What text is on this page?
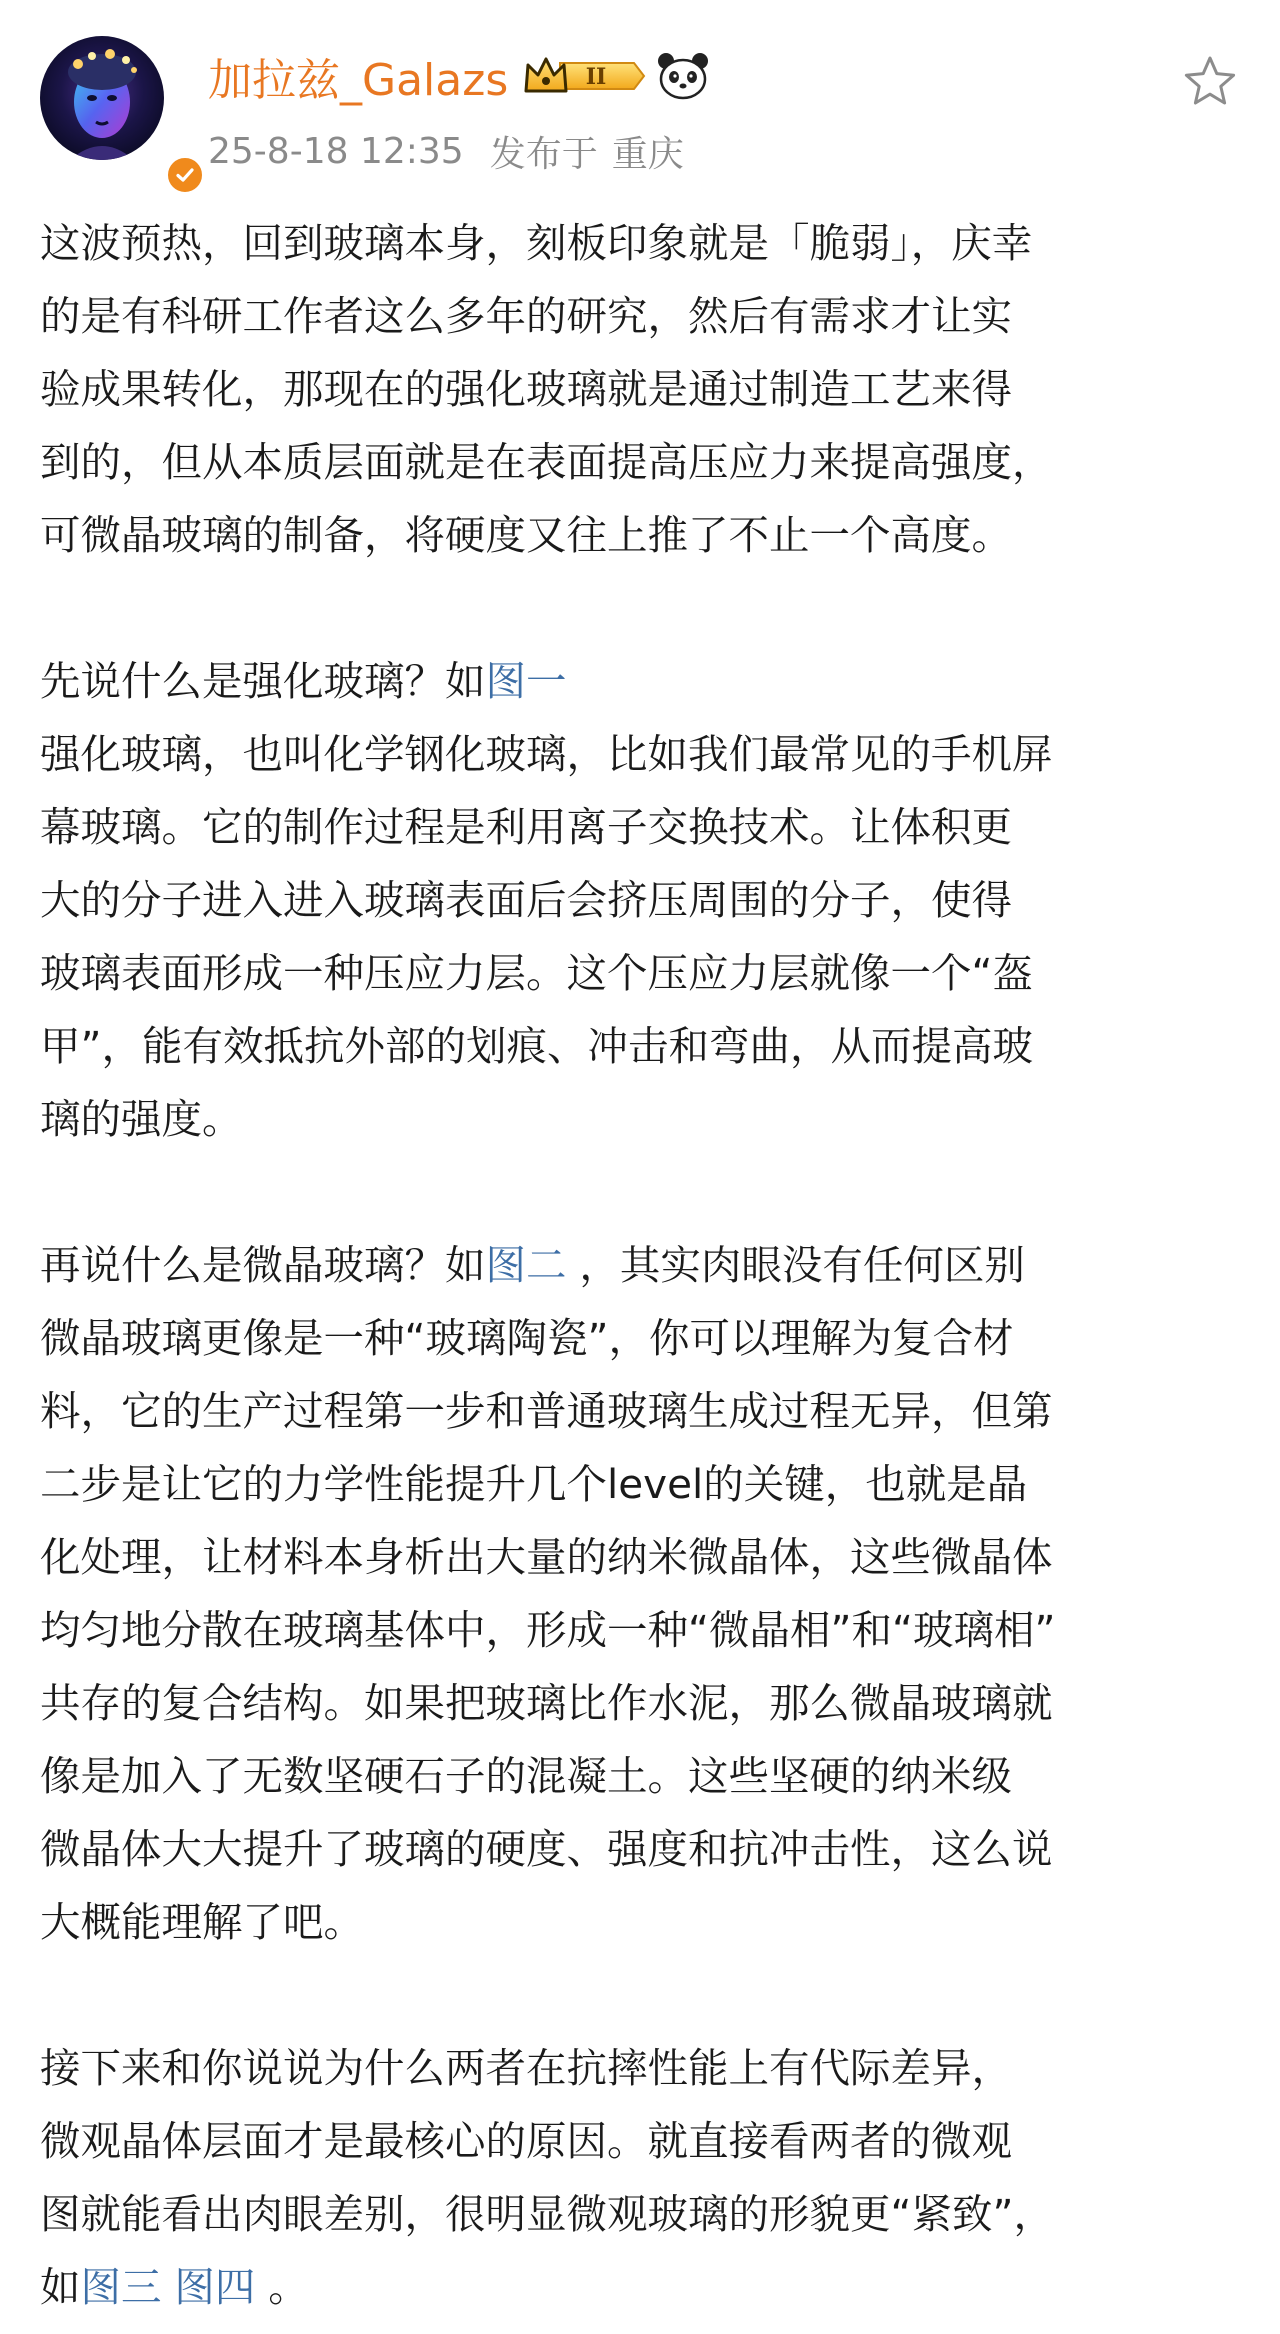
加拉兹_Galazs	II
25-8-18 12:35 发布于 重庆

这波预热，回到玻璃本身，刻板印象就是「脆弱」，庆幸
的是有科研工作者这么多年的研究，然后有需求才让实
验成果转化，那现在的强化玻璃就是通过制造工艺来得
到的，但从本质层面就是在表面提高压应力来提高强度，
可微晶玻璃的制备，将硬度又往上推了不止一个高度。

先说什么是强化玻璃？如图一
强化玻璃，也叫化学钢化玻璃，比如我们最常见的手机屏
幕玻璃。它的制作过程是利用离子交换技术。让体积更
大的分子进入进入玻璃表面后会挤压周围的分子，使得
玻璃表面形成一种压应力层。这个压应力层就像一个“盔
甲”，能有效抵抗外部的划痕、冲击和弯曲，从而提高玻
璃的强度。

再说什么是微晶玻璃？如图二 ，其实肉眼没有任何区别
微晶玻璃更像是一种“玻璃陶瓷”，你可以理解为复合材
料，它的生产过程第一步和普通玻璃生成过程无异，但第
二步是让它的力学性能提升几个level的关键，也就是晶
化处理，让材料本身析出大量的纳米微晶体，这些微晶体
均匀地分散在玻璃基体中，形成一种“微晶相”和“玻璃相”
共存的复合结构。如果把玻璃比作水泥，那么微晶玻璃就
像是加入了无数坚硬石子的混凝土。这些坚硬的纳米级
微晶体大大提升了玻璃的硬度、强度和抗冲击性，这么说
大概能理解了吧。

接下来和你说说为什么两者在抗摔性能上有代际差异，
微观晶体层面才是最核心的原因。就直接看两者的微观
图就能看出肉眼差别，很明显微观玻璃的形貌更“紧致”，
如图三 图四 。
